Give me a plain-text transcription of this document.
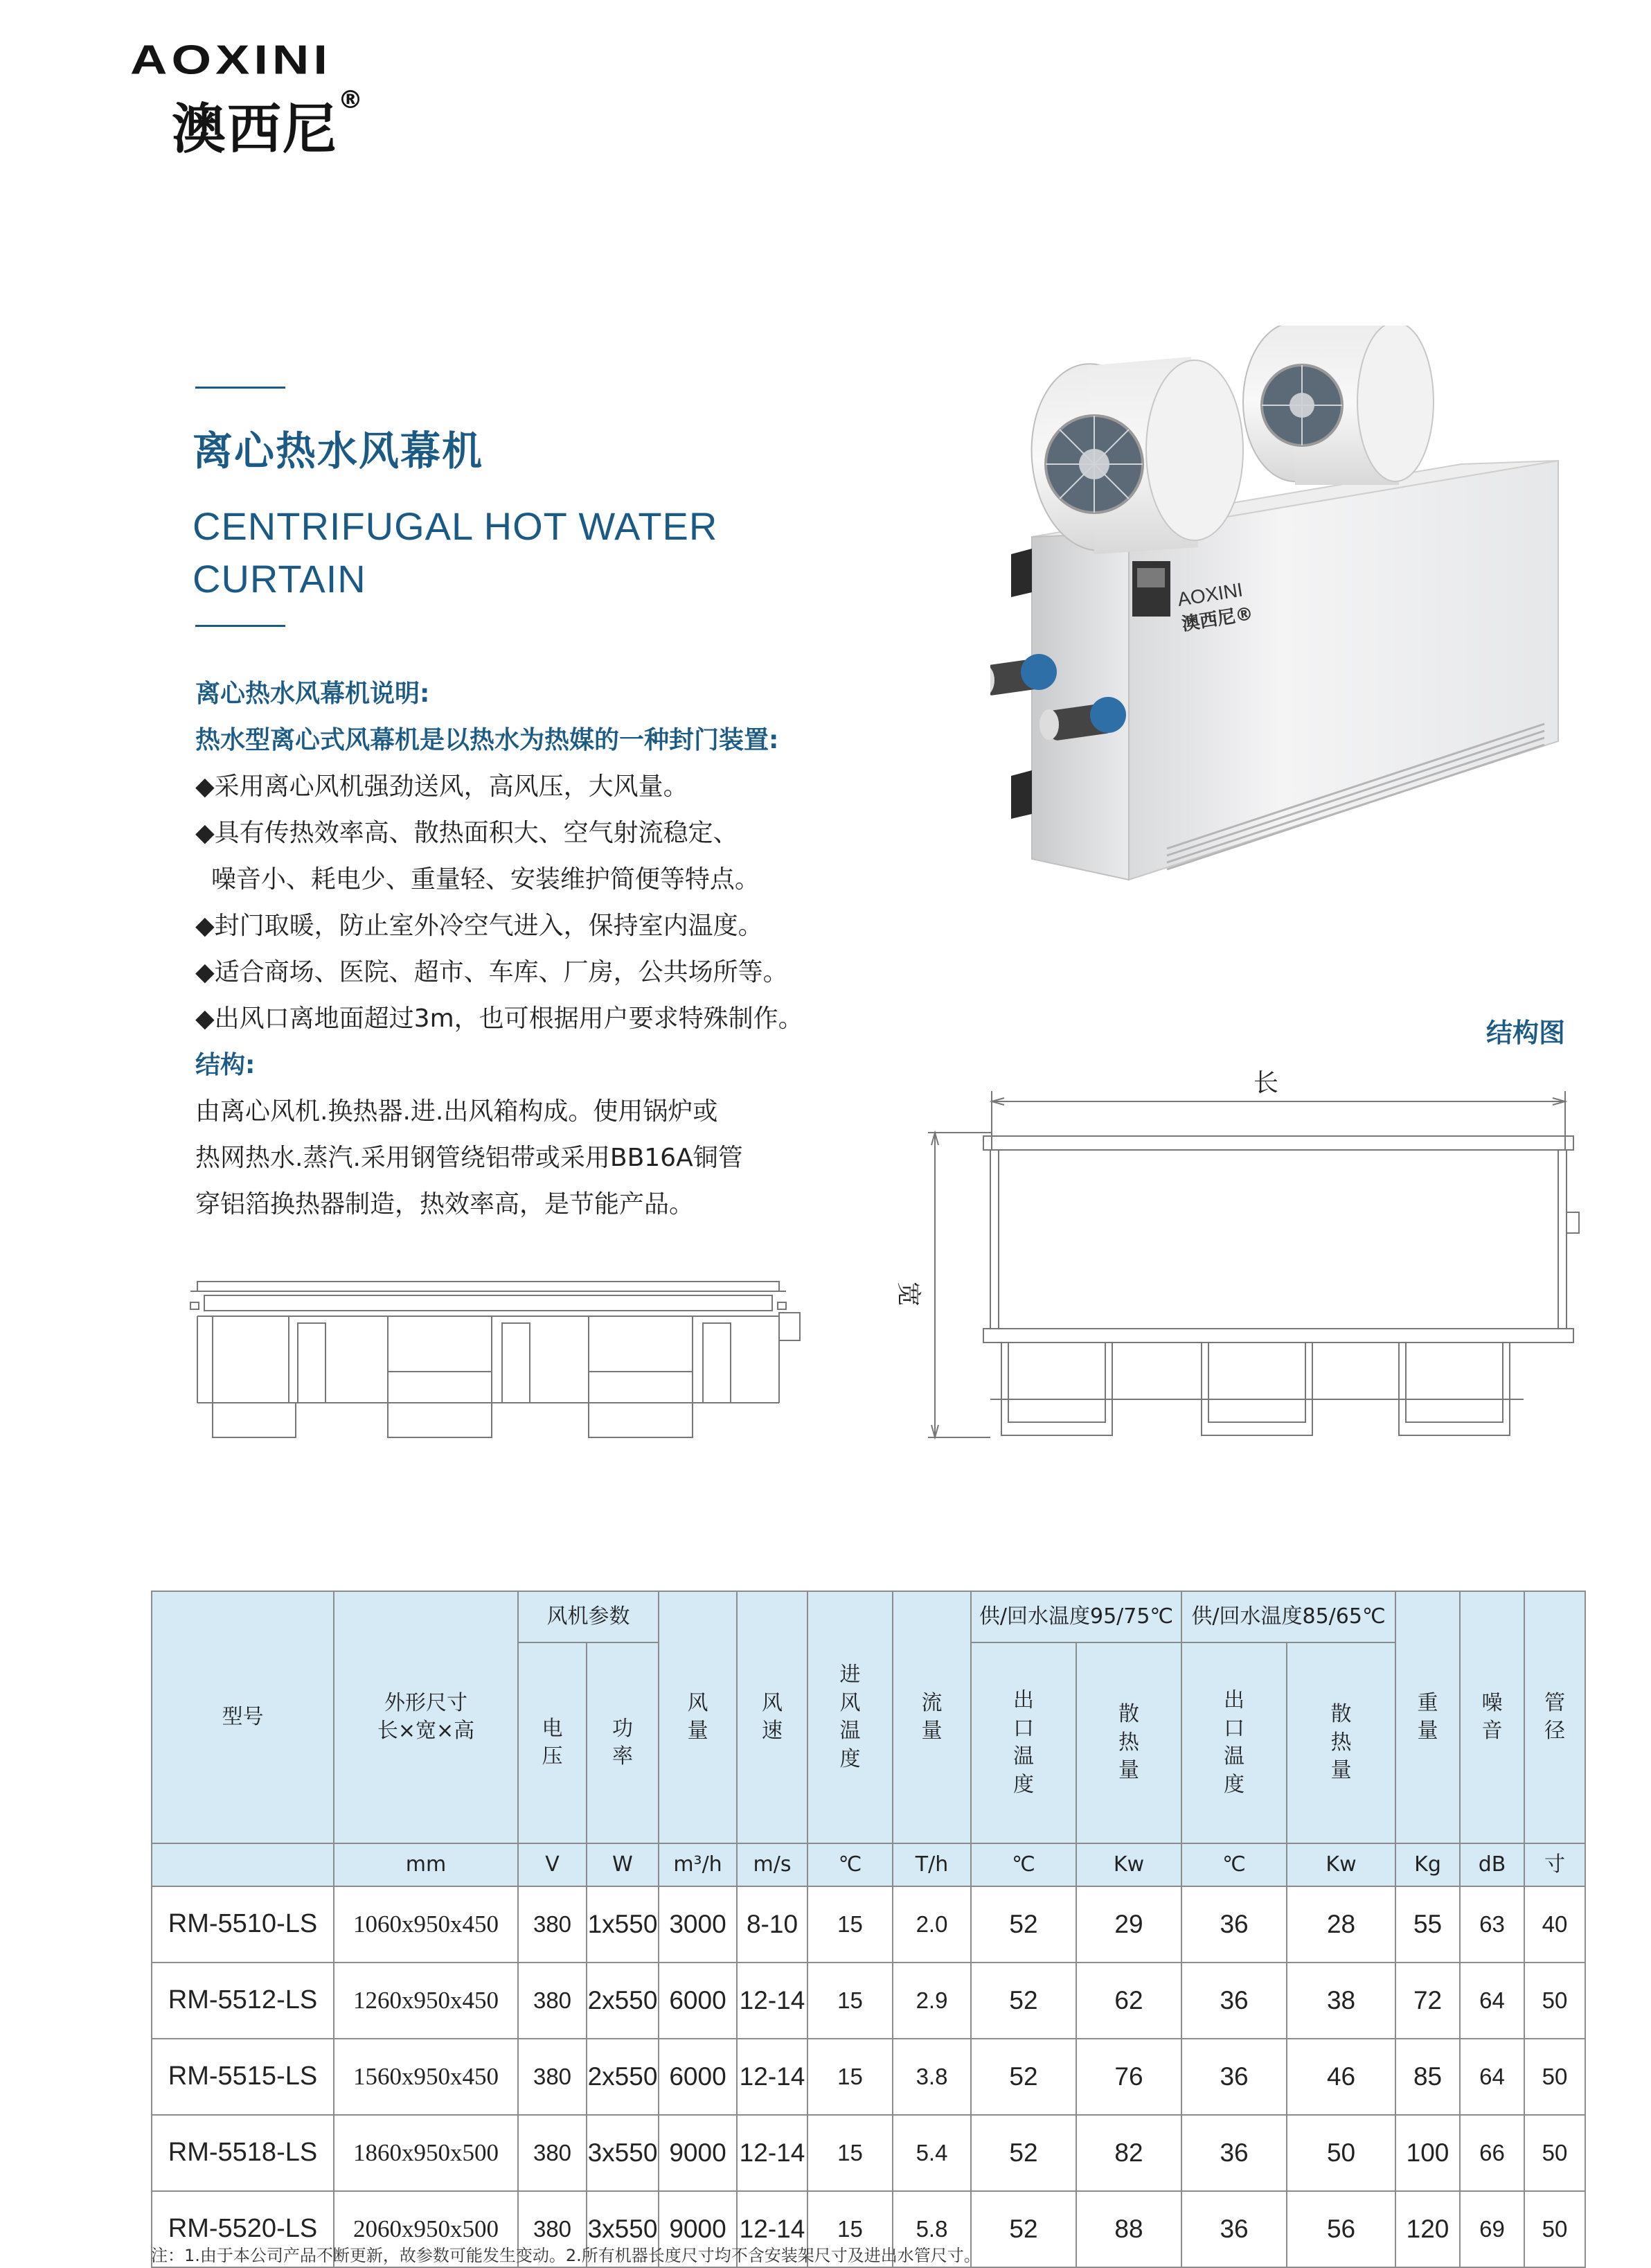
AOXINI
澳西尼®
离心热水风幕机
CENTRIFUGAL HOT WATER
CURTAIN
离心热水风幕机说明:
热水型离心式风幕机是以热水为热媒的一种封门装置:
◆采用离心风机强劲送风，高风压，大风量。
◆具有传热效率高、散热面积大、空气射流稳定、
噪音小、耗电少、重量轻、安装维护简便等特点。
◆封门取暖，防止室外冷空气进入，保持室内温度。
◆适合商场、医院、超市、车库、厂房，公共场所等。
◆出风口离地面超过3m，也可根据用户要求特殊制作。
结构:
由离心风机.换热器.进.出风箱构成。使用锅炉或
热网热水.蒸汽.采用钢管绕铝带或采用BB16A铜管
穿铝箔换热器制造，热效率高，是节能产品。
AOXINI
澳西尼®
结构图
长
宽
型号	外形尺寸
长×宽×高	风机参数		风
量	风
速	进
风
温
度	流
量	供/回水温度95/75℃		供/回水温度85/65℃		重
量	噪
音	管
径

		电
压	功
率					出
口
温
度	散
热
量	出
口
温
度	散
热
量			

	mm	V	W	m³/h	m/s	℃	T/h	℃	Kw	℃	Kw	Kg	dB	寸
RM-5510-LS	1060x950x450	380	1x550	3000	8-10	15	2.0	52	29	36	28	55	63	40
RM-5512-LS	1260x950x450	380	2x550	6000	12-14	15	2.9	52	62	36	38	72	64	50
RM-5515-LS	1560x950x450	380	2x550	6000	12-14	15	3.8	52	76	36	46	85	64	50
RM-5518-LS	1860x950x500	380	3x550	9000	12-14	15	5.4	52	82	36	50	100	66	50
RM-5520-LS	2060x950x500	380	3x550	9000	12-14	15	5.8	52	88	36	56	120	69	50
注：1.由于本公司产品不断更新，故参数可能发生变动。2.所有机器长度尺寸均不含安装架尺寸及进出水管尺寸。
